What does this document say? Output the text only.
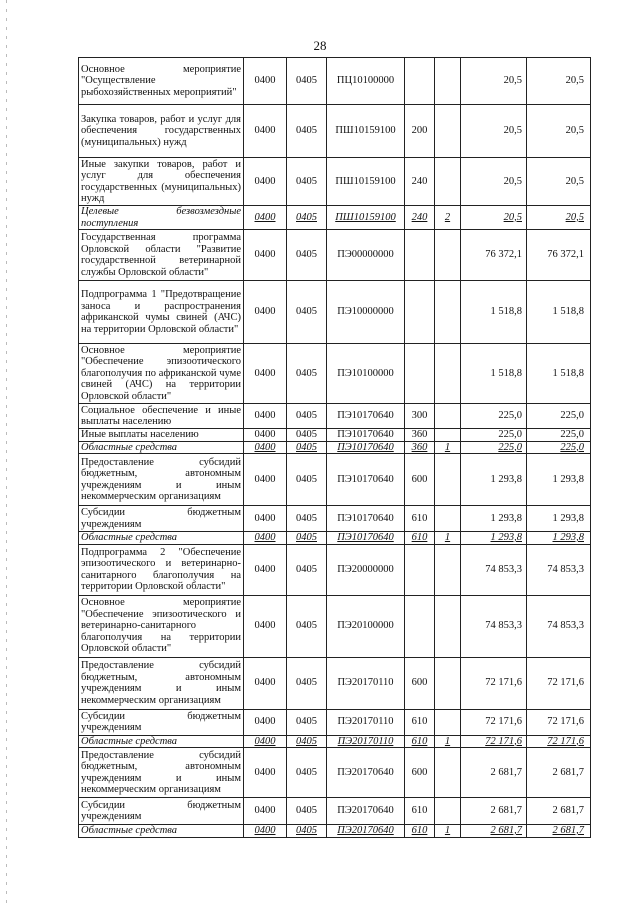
28
Основное мероприятие "Осуществление рыбохозяйственных мероприятий"	0400	0405	ПЦ10100000			20,5	20,5
Закупка товаров, работ и услуг для обеспечения государственных (муниципальных) нужд	0400	0405	ПШ10159100	200		20,5	20,5
Иные закупки товаров, работ и услуг для обеспечения государственных (муниципальных) нужд	0400	0405	ПШ10159100	240		20,5	20,5
Целевые безвозмездные поступления	0400	0405	ПШ10159100	240	2	20,5	20,5
Государственная программа Орловской области "Развитие государственной ветеринарной службы Орловской области"	0400	0405	ПЭ00000000			76 372,1	76 372,1
Подпрограмма 1 "Предотвращение заноса и распространения африканской чумы свиней (АЧС) на территории Орловской области"	0400	0405	ПЭ10000000			1 518,8	1 518,8
Основное мероприятие "Обеспечение эпизоотического благополучия по африканской чуме свиней (АЧС) на территории Орловской области"	0400	0405	ПЭ10100000			1 518,8	1 518,8
Социальное обеспечение и иные выплаты населению	0400	0405	ПЭ10170640	300		225,0	225,0
Иные выплаты населению	0400	0405	ПЭ10170640	360		225,0	225,0
Областные средства	0400	0405	ПЭ10170640	360	1	225,0	225,0
Предоставление субсидий бюджетным, автономным учреждениям и иным некоммерческим организациям	0400	0405	ПЭ10170640	600		1 293,8	1 293,8
Субсидии бюджетным учреждениям	0400	0405	ПЭ10170640	610		1 293,8	1 293,8
Областные средства	0400	0405	ПЭ10170640	610	1	1 293,8	1 293,8
Подпрограмма 2 "Обеспечение эпизоотического и ветеринарно-санитарного благополучия на территории Орловской области"	0400	0405	ПЭ20000000			74 853,3	74 853,3
Основное мероприятие "Обеспечение эпизоотического и ветеринарно-санитарного благополучия на территории Орловской области"	0400	0405	ПЭ20100000			74 853,3	74 853,3
Предоставление субсидий бюджетным, автономным учреждениям и иным некоммерческим организациям	0400	0405	ПЭ20170110	600		72 171,6	72 171,6
Субсидии бюджетным учреждениям	0400	0405	ПЭ20170110	610		72 171,6	72 171,6
Областные средства	0400	0405	ПЭ20170110	610	1	72 171,6	72 171,6
Предоставление субсидий бюджетным, автономным учреждениям и иным некоммерческим организациям	0400	0405	ПЭ20170640	600		2 681,7	2 681,7
Субсидии бюджетным учреждениям	0400	0405	ПЭ20170640	610		2 681,7	2 681,7
Областные средства	0400	0405	ПЭ20170640	610	1	2 681,7	2 681,7
